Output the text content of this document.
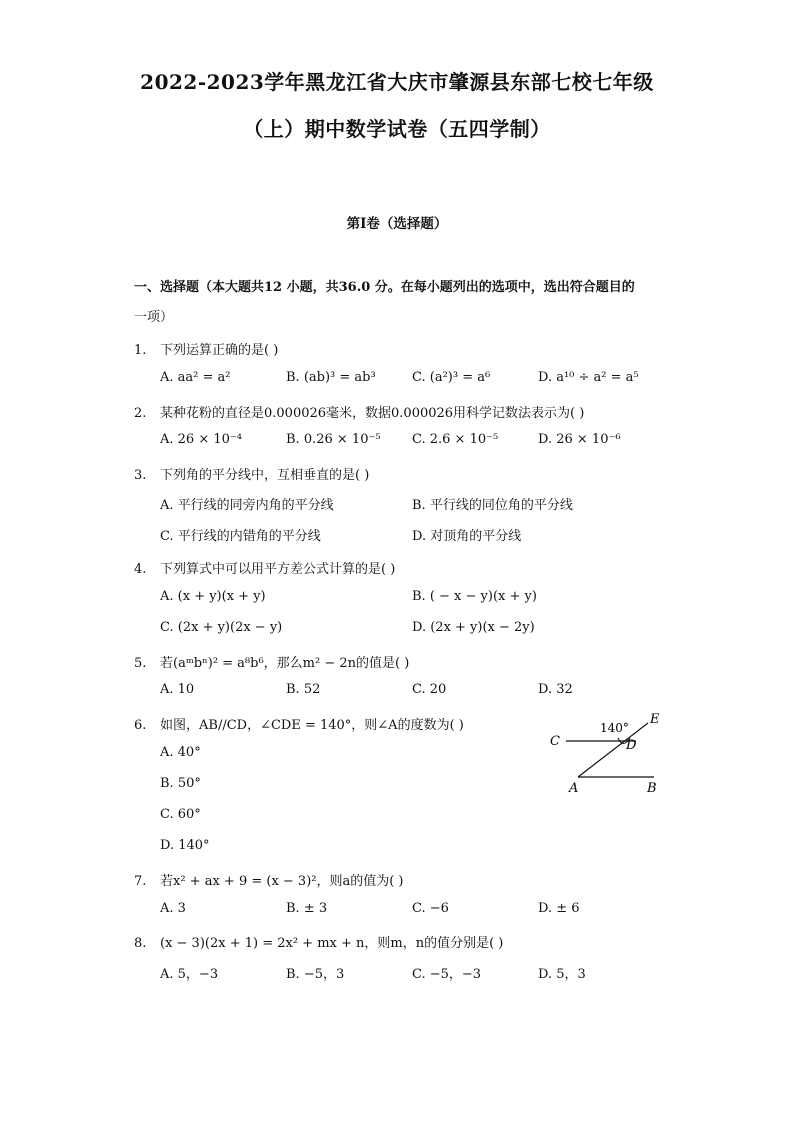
2022-2023学年黑龙江省大庆市肇源县东部七校七年级
（上）期中数学试卷（五四学制）
第I卷（选择题）
一、选择题（本大题共12 小题，共36.0 分。在每小题列出的选项中，选出符合题目的
一项）
1. 下列运算正确的是( )
A. aa² = a²	B. (ab)³ = ab³	C. (a²)³ = a⁶	D. a¹⁰ ÷ a² = a⁵
2. 某种花粉的直径是0.000026毫米，数据0.000026用科学记数法表示为( )
A. 26 × 10⁻⁴	B. 0.26 × 10⁻⁵ C. 2.6 × 10⁻⁵	D. 26 × 10⁻⁶
3. 下列角的平分线中，互相垂直的是( )
A. 平行线的同旁内角的平分线	B. 平行线的同位角的平分线
C. 平行线的内错角的平分线	D. 对顶角的平分线
4. 下列算式中可以用平方差公式计算的是( )
A. (x + y)(x + y)	B. ( − x − y)(x + y)
C. (2x + y)(2x − y)	D. (2x + y)(x − 2y)
5. 若(aᵐbⁿ)² = a⁸b⁶，那么m² − 2n的值是( )
A. 10	B. 52	C. 20	D. 32
6. 如图，AB//CD，∠CDE = 140°，则∠A的度数为( )
A. 40°
B. 50°
C. 60°
D. 140°
C	D
E
A	B
140°
7. 若x² + ax + 9 = (x − 3)²，则a的值为( )
A. 3	B. ± 3	C. −6	D. ± 6
8. (x − 3)(2x + 1) = 2x² + mx + n，则m，n的值分别是( )
A. 5，−3	B. −5，3	C. −5，−3	D. 5，3
